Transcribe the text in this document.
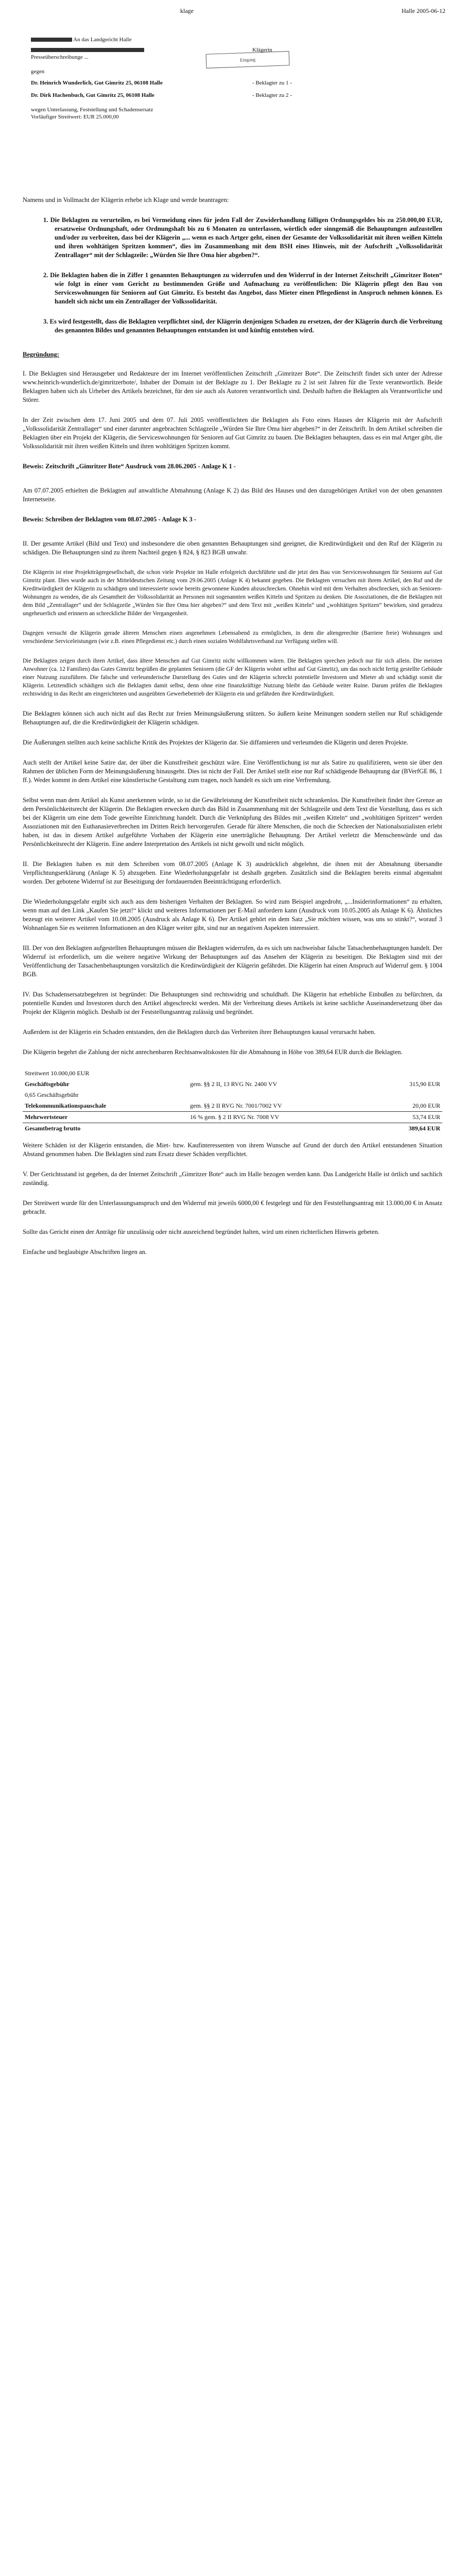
klage	Halle 2005-06-12
An das Landgericht Halle
Klägerin
Presseüberschreibunge ...
gegen
Dr. Heinrich Wunderlich, Gut Gimritz 25, 06108 Halle	- Beklagter zu 1 -
Dr. Dirk Hachenbuch, Gut Gimritz 25, 06108 Halle	- Beklagter zu 2 -
wegen Unterlassung, Feststellung und Schadensersatz
Vorläufiger Streitwert: EUR 25.000,00
Eingang

Namens und in Vollmacht der Klägerin erhebe ich Klage und werde beantragen:

1. Die Beklagten zu verurteilen, es bei Vermeidung eines für jeden Fall der Zuwiderhandlung fälligen Ordnungsgeldes bis zu 250.000,00 EUR, ersatzweise Ordnungshaft, oder Ordnungshaft bis zu 6 Monaten zu unterlassen, wörtlich oder sinngemäß die Behauptungen aufzustellen und/oder zu verbreiten, dass bei der Klägerin „... wenn es nach Artger geht, einen der Gesamte der Volkssolidarität mit ihren weißen Kitteln und ihren wohltätigen Spritzen kommen“, dies im Zusammenhang mit dem BSH eines Hinweis, mit der Aufschrift „Volkssolidarität Zentrallager“ mit der Schlagzeile: „Würden Sie Ihre Oma hier abgeben?“.

2. Die Beklagten haben die in Ziffer 1 genannten Behauptungen zu widerrufen und den Widerruf in der Internet Zeitschrift „Gimritzer Boten“ wie folgt in einer vom Gericht zu bestimmenden Größe und Aufmachung zu veröffentlichen: Die Klägerin pflegt den Bau von Serviceswohnungen für Senioren auf Gut Gimritz. Es besteht das Angebot, dass Mieter einen Pflegedienst in Anspruch nehmen können. Es handelt sich nicht um ein Zentrallager der Volkssolidarität.

3. Es wird festgestellt, dass die Beklagten verpflichtet sind, der Klägerin denjenigen Schaden zu ersetzen, der der Klägerin durch die Verbreitung des genannten Bildes und genannten Behauptungen entstanden ist und künftig entstehen wird.

Begründung:

I. Die Beklagten sind Herausgeber und Redakteure der im Internet veröffentlichen Zeitschrift „Gimritzer Bote“. Die Zeitschrift findet sich unter der Adresse www.heinrich-wunderlich.de/gimritzerbote/, Inhaber der Domain ist der Beklagte zu 1. Der Beklagte zu 2 ist seit Jahren für die Texte verantwortlich. Beide Beklagten haben sich als Urheber des Artikels bezeichnet, für den sie auch als Autoren verantwortlich sind. Deshalb haften die Beklagten als Verantwortliche und Störer.

In der Zeit zwischen dem 17. Juni 2005 und dem 07. Juli 2005 veröffentlichten die Beklagten als Foto eines Hauses der Klägerin mit der Aufschrift „Volkssolidarität Zentrallager“ und einer darunter angebrachten Schlagzeile „Würden Sie Ihre Oma hier abgeben?“ in der Zeitschrift. In dem Artikel schreiben die Beklagten über ein Projekt der Klägerin, die Serviceswohnungen für Senioren auf Gut Gimritz zu bauen. Die Beklagten behaupten, dass es ein mal Artger gibt, die Volkssolidarität mit ihren weißen Kitteln und ihren wohltätigen Spritzen kommt.

Beweis: Zeitschrift „Gimritzer Bote“ Ausdruck vom 28.06.2005 - Anlage K 1 -

Am 07.07.2005 erhielten die Beklagten auf anwaltliche Abmahnung (Anlage K 2) das Bild des Hauses und den dazugehörigen Artikel von der oben genannten Internetseite.

Beweis: Schreiben der Beklagten vom 08.07.2005 - Anlage K 3 -

II. Der gesamte Artikel (Bild und Text) und insbesondere die oben genannten Behauptungen sind geeignet, die Kreditwürdigkeit und den Ruf der Klägerin zu schädigen. Die Behauptungen sind zu ihrem Nachteil gegen § 824, § 823 BGB unwahr.

Die Klägerin ist eine Projektträgergesellschaft, die schon viele Projekte im Halle erfolgreich durchführte und die jetzt den Bau von Serviceswohnungen für Senioren auf Gut Gimritz plant. Dies wurde auch in der Mitteldeutschen Zeitung vom 29.06.2005 (Anlage K 4) bekannt gegeben. Die Beklagten versuchen mit ihrem Artikel, den Ruf und die Kreditwürdigkeit der Klägerin zu schädigen und interessierte sowie bereits gewonnene Kunden abzuschrecken. Ohnehin wird mit dem Verhalten abschrecken, sich an Senioren-Wohnungen zu wenden, die als Gesamtheit der Volkssolidarität an Personen mit sogenannten weißen Kitteln und Spritzen zu denken. Die Assoziationen, die die Beklagten mit dem Bild „Zentrallager“ und der Schlagzeile „Würden Sie Ihre Oma hier abgeben?“ und dem Text mit „weißen Kitteln“ und „wohltätigen Spritzen“ bewirken, sind geradezu ungeheuerlich und erinnern an schreckliche Bilder der Vergangenheit.

Dagegen versucht die Klägerin gerade älteren Menschen einen angenehmen Lebensabend zu ermöglichen, in dem die altengerechte (Barriere freie) Wohnungen und verschiedene Serviceleistungen (wie z.B. einen Pflegedienst etc.) durch einen sozialen Wohlfahrtsverband zur Verfügung stellen will.

Die Beklagten zeigen durch ihren Artikel, dass ältere Menschen auf Gut Gimritz nicht willkommen wären. Die Beklagten sprechen jedoch nur für sich allein. Die meisten Anwohner (ca. 12 Familien) das Gutes Gimritz begrüßen die geplanten Senioren (die GF der Klägerin wohnt selbst auf Gut Gimritz), um das noch nicht fertig gestellte Gebäude einer Nutzung zuzuführen. Die falsche und verleumderische Darstellung des Gutes und der Klägerin schreckt potentielle Investoren und Mieter ab und schädigt somit die Klägerin. Letztendlich schädigen sich die Beklagten damit selbst, denn ohne eine finanzkräftige Nutzung bleibt das Gebäude weiter Ruine. Darum prüfen die Beklagten rechtswidrig in das Recht am eingerichteten und ausgeübten Gewerbebetrieb der Klägerin ein und gefährden ihre Kreditwürdigkeit.

Die Beklagten können sich auch nicht auf das Recht zur freien Meinungsäußerung stützen. So äußern keine Meinungen sondern stellen nur Ruf schädigende Behauptungen auf, die die Kreditwürdigkeit der Klägerin schädigen.

Die Äußerungen stellten auch keine sachliche Kritik des Projektes der Klägerin dar. Sie diffamieren und verleumden die Klägerin und deren Projekte.

Auch stellt der Artikel keine Satire dar, der über die Kunstfreiheit geschützt wäre. Eine Veröffentlichung ist nur als Satire zu qualifizieren, wenn sie über den Rahmen der üblichen Form der Meinungsäußerung hinausgeht. Dies ist nicht der Fall. Der Artikel stellt eine nur Ruf schädigende Behauptung dar (BVerfGE 86, 1 ff.). Weder kommt in dem Artikel eine künstlerische Gestaltung zum tragen, noch handelt es sich um eine Verfremdung.

Selbst wenn man dem Artikel als Kunst anerkennen würde, so ist die Gewährleistung der Kunstfreiheit nicht schrankenlos. Die Kunstfreiheit findet ihre Grenze an dem Persönlichkeitsrecht der Klägerin. Die Beklagten erwecken durch das Bild in Zusammenhang mit der Schlagzeile und dem Text die Vorstellung, dass es sich bei der Klägerin um eine dem Tode geweihte Einrichtung handelt. Durch die Verknüpfung des Bildes mit „weißen Kitteln“ und „wohltätigen Spritzen“ werden Assoziationen mit den Euthanasieverbrechen im Dritten Reich hervorgerufen. Gerade für ältere Menschen, die noch die Schrecken der Nationalsozialisten erlebt haben, ist das in diesem Artikel aufgeführte Vorhaben der Klägerin eine unerträgliche Behauptung. Der Artikel verletzt die Menschenwürde und das Persönlichkeitsrecht der Klägerin. Eine andere Interpretation des Artikels ist nicht gewollt und nicht möglich.

II. Die Beklagten haben es mit dem Schreiben vom 08.07.2005 (Anlage K 3) ausdrücklich abgelehnt, die ihnen mit der Abmahnung übersandte Verpflichtungserklärung (Anlage K 5) abzugeben. Eine Wiederholungsgefahr ist deshalb gegeben. Zusätzlich sind die Beklagten bereits einmal abgemahnt worden. Der gebotene Widerruf ist zur Beseitigung der fortdauernden Beeinträchtigung erforderlich.

Die Wiederholungsgefahr ergibt sich auch aus dem bisherigen Verhalten der Beklagten. So wird zum Beispiel angedroht, „...Insiderinformationen“ zu erhalten, wenn man auf den Link „Kaufen Sie jetzt!“ klickt und weiteres Informationen per E-Mail anfordern kann (Ausdruck vom 10.05.2005 als Anlage K 6). Ähnliches bezeugt ein weiterer Artikel vom 10.08.2005 (Ausdruck als Anlage K 6). Der Artikel gehört ein dem Satz „Sie möchten wissen, was uns so stinkt?“, worauf 3 Wohnanlagen Sie es weiteren Informationen an den Kläger weiter gibt, sind nur an negativen Aspekten interessiert.

III. Der von den Beklagten aufgestellten Behauptungen müssen die Beklagten widerrufen, da es sich um nachweisbar falsche Tatsachenbehauptungen handelt. Der Widerruf ist erforderlich, um die weitere negative Wirkung der Behauptungen auf das Ansehen der Klägerin zu beseitigen. Die Beklagten sind mit der Veröffentlichung der Tatsachenbehauptungen vorsätzlich die Kreditwürdigkeit der Klägerin gefährdet. Die Klägerin hat einen Anspruch auf Widerruf gem. § 1004 BGB.

IV. Das Schadensersatzbegehren ist begründet: Die Behauptungen sind rechtswidrig und schuldhaft. Die Klägerin hat erhebliche Einbußen zu befürchten, da potentielle Kunden und Investoren durch den Artikel abgeschreckt werden. Mit der Verbreitung dieses Artikels ist keine sachliche Auseinandersetzung über das Projekt der Klägerin möglich. Deshalb ist der Feststellungsantrag zulässig und begründet.

Außerdem ist der Klägerin ein Schaden entstanden, den die Beklagten durch das Verbreiten ihrer Behauptungen kausal verursacht haben.

Die Klägerin begehrt die Zahlung der nicht anrechenbaren Rechtsanwaltskosten für die Abmahnung in Höhe von 389,64 EUR durch die Beklagten.

Streitwert 10.000,00 EUR		
Geschäftsgebühr	gem. §§ 2 II, 13 RVG Nr. 2400 VV	315,90 EUR
0,65 Geschäftsgebühr		
Telekommunikationspauschale	gem. §§ 2 II RVG Nr. 7001/7002 VV	20,00 EUR
Mehrwertsteuer	16 % gem. § 2 II RVG Nr. 7008 VV	53,74 EUR
Gesamtbetrag brutto		389,64 EUR

Weitere Schäden ist der Klägerin entstanden, die Miet- bzw. Kaufinteressenten von ihrem Wunsche auf Grund der durch den Artikel entstandenen Situation Abstand genommen haben. Die Beklagten sind zum Ersatz dieser Schäden verpflichtet.

V. Der Gerichtsstand ist gegeben, da der Internet Zeitschrift „Gimritzer Bote“ auch im Halle bezogen werden kann. Das Landgericht Halle ist örtlich und sachlich zuständig.

Der Streitwert wurde für den Unterlassungsanspruch und den Widerruf mit jeweils 6000,00 € festgelegt und für den Feststellungsantrag mit 13.000,00 € in Ansatz gebracht.

Sollte das Gericht einen der Anträge für unzulässig oder nicht ausreichend begründet halten, wird um einen richterlichen Hinweis gebeten.

Einfache und beglaubigte Abschriften liegen an.
